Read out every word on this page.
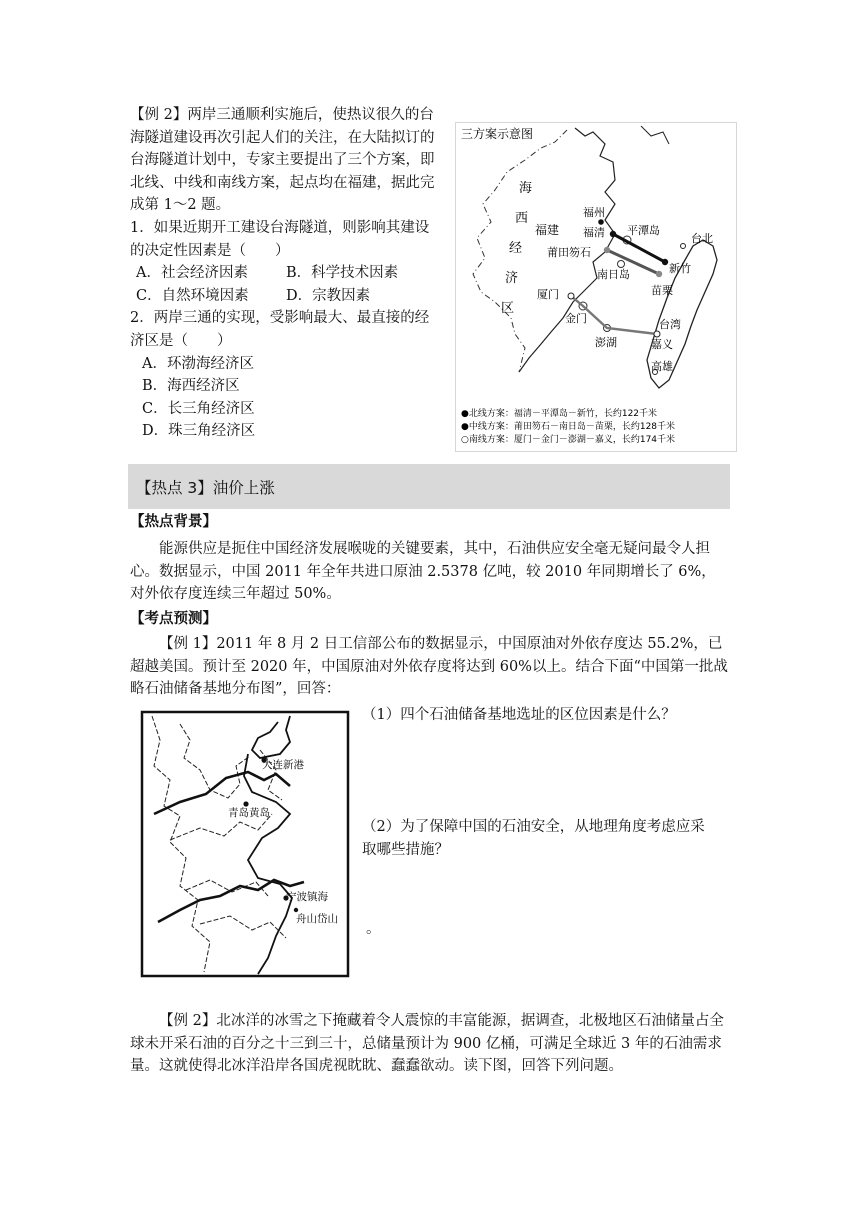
【例 2】两岸三通顺利实施后，使热议很久的台
海隧道建设再次引起人们的关注，在大陆拟订的
台海隧道计划中，专家主要提出了三个方案，即
北线、中线和南线方案，起点均在福建，据此完
成第 1～2 题。
1．如果近期开工建设台海隧道，则影响其建设
的决定性因素是（　　）
A．社会经济因素	B．科学技术因素
C．自然环境因素	D．宗教因素
2．两岸三通的实现，受影响最大、最直接的经
济区是（　　）
A．环渤海经济区
B．海西经济区
C．长三角经济区
D．珠三角经济区
三方案示意图
海
西
经
济
区
福建
福州
福清 平潭岛
莆田笏石
南日岛
厦门
金门
澎湖
台北
新竹
苗栗
台湾
嘉义
高雄
●北线方案：福清－平潭岛－新竹，长约122千米
●中线方案：莆田笏石－南日岛－苗栗，长约128千米
○南线方案：厦门－金门－澎湖－嘉义，长约174千米
【热点 3】油价上涨
【热点背景】
能源供应是扼住中国经济发展喉咙的关键要素，其中，石油供应安全毫无疑问最令人担心。数据显示，中国 2011 年全年共进口原油 2.5378 亿吨，较 2010 年同期增长了 6%，对外依存度连续三年超过 50%。
【考点预测】
【例 1】2011 年 8 月 2 日工信部公布的数据显示，中国原油对外依存度达 55.2%，已超越美国。预计至 2020 年，中国原油对外依存度将达到 60%以上。结合下面“中国第一批战略石油储备基地分布图”，回答：
大连新港
青岛黄岛
宁波镇海
舟山岱山
（1）四个石油储备基地选址的区位因素是什么？
（2）为了保障中国的石油安全，从地理角度考虑应采
取哪些措施？
。
【例 2】北冰洋的冰雪之下掩藏着令人震惊的丰富能源，据调查，北极地区石油储量占全球未开采石油的百分之十三到三十，总储量预计为 900 亿桶，可满足全球近 3 年的石油需求量。这就使得北冰洋沿岸各国虎视眈眈、蠢蠢欲动。读下图，回答下列问题。
